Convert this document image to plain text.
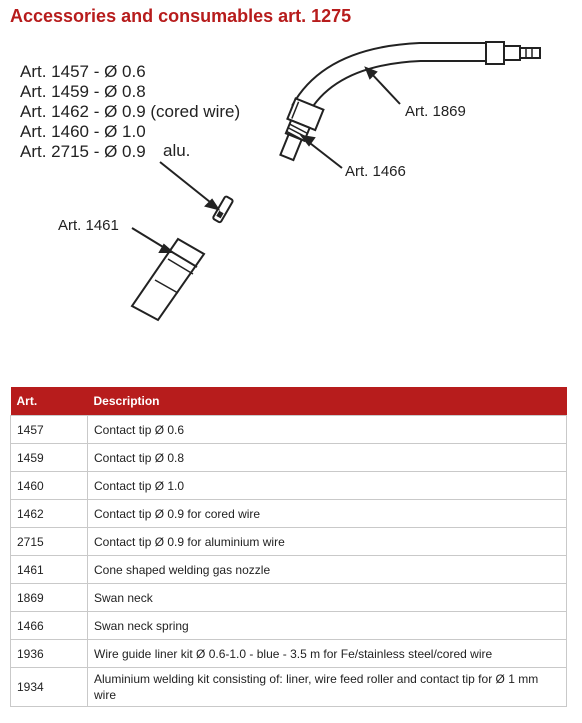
Accessories and consumables art. 1275
Art. 1457 - Ø 0.6
Art. 1459 - Ø 0.8
Art. 1462 - Ø 0.9 (cored wire)
Art. 1460 - Ø 1.0
Art. 2715 - Ø 0.9 alu.
Art. 1461
Art. 1869
Art. 1466
Art.	Description
1457	Contact tip Ø 0.6
1459	Contact tip Ø 0.8
1460	Contact tip Ø 1.0
1462	Contact tip Ø 0.9 for cored wire
2715	Contact tip Ø 0.9 for aluminium wire
1461	Cone shaped welding gas nozzle
1869	Swan neck
1466	Swan neck spring
1936	Wire guide liner kit Ø 0.6-1.0 - blue - 3.5 m for Fe/stainless steel/cored wire
1934	Aluminium welding kit consisting of: liner, wire feed roller and contact tip for Ø 1 mm wire
